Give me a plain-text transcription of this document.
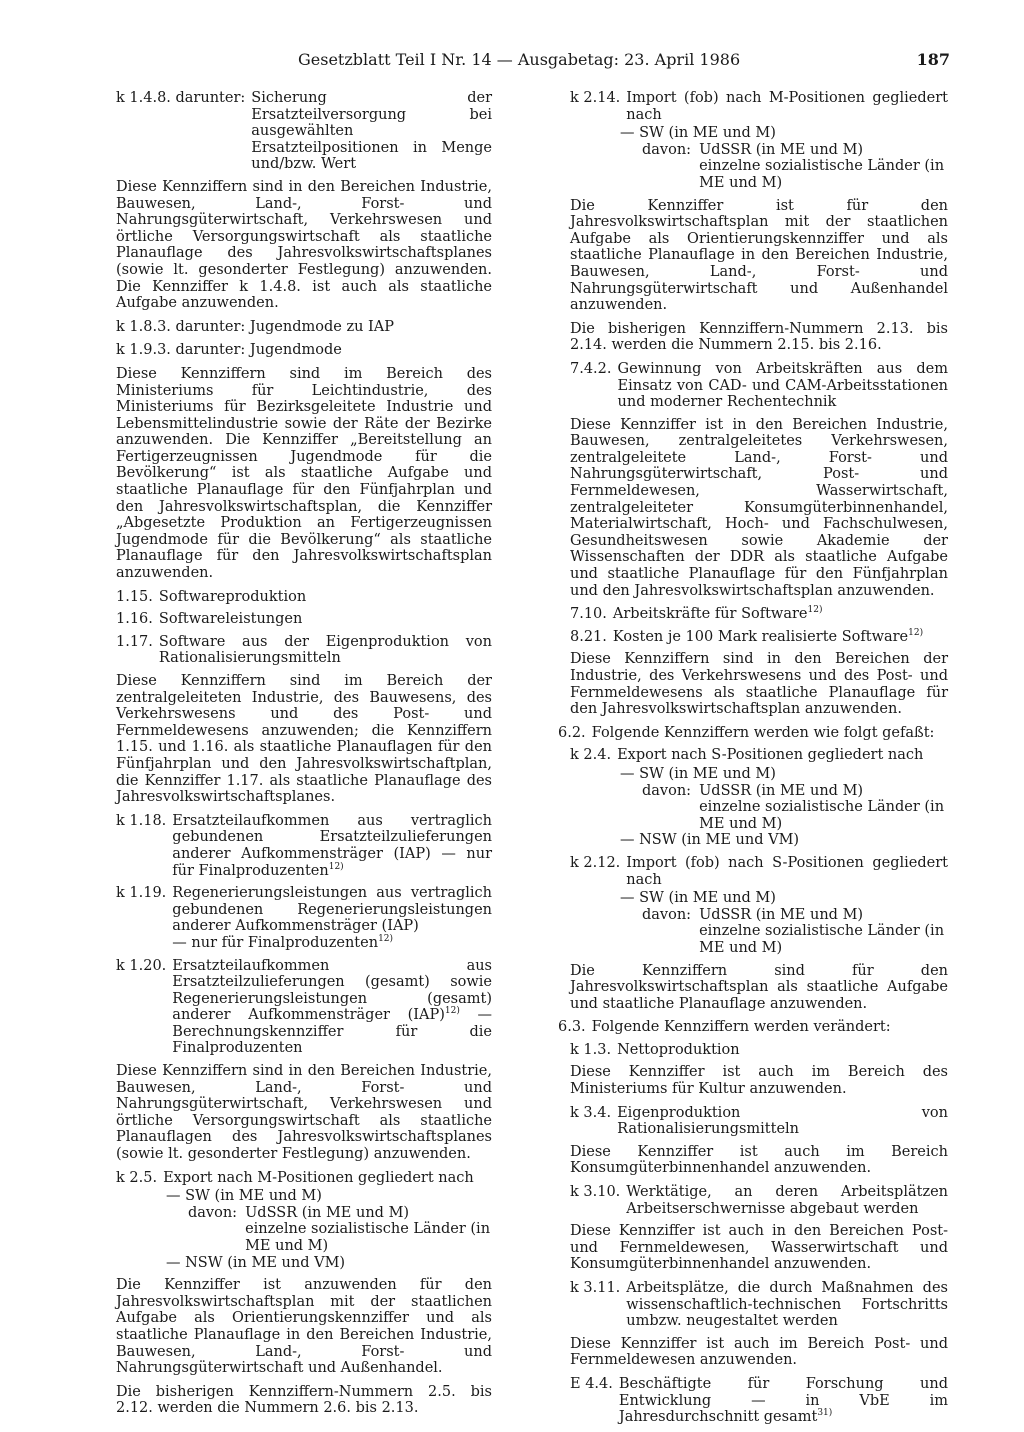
Gesetzblatt Teil I Nr. 14 — Ausgabetag: 23. April 1986	187
k 1.4.8. darunter: Sicherung der Ersatzteilversorgung bei ausgewählten Ersatzteilpositionen in Menge und/bzw. Wert

Diese Kennziffern sind in den Bereichen Industrie, Bauwesen, Land-, Forst- und Nahrungsgüterwirtschaft, Verkehrswesen und örtliche Versorgungswirtschaft als staatliche Planauflage des Jahresvolkswirtschaftsplanes (sowie lt. gesonderter Festlegung) anzuwenden. Die Kennziffer k 1.4.8. ist auch als staatliche Aufgabe anzuwenden.

k 1.8.3. darunter: Jugendmode zu IAP

k 1.9.3. darunter: Jugendmode

Diese Kennziffern sind im Bereich des Ministeriums für Leichtindustrie, des Ministeriums für Bezirksgeleitete Industrie und Lebensmittelindustrie sowie der Räte der Bezirke anzuwenden. Die Kennziffer „Bereitstellung an Fertigerzeugnissen Jugendmode für die Bevölkerung“ ist als staatliche Aufgabe und staatliche Planauflage für den Fünfjahrplan und den Jahresvolkswirtschaftsplan, die Kennziffer „Abgesetzte Produktion an Fertigerzeugnissen Jugendmode für die Bevölkerung“ als staatliche Planauflage für den Jahresvolkswirtschaftsplan anzuwenden.

1.15. Softwareproduktion
1.16. Softwareleistungen
1.17. Software aus der Eigenproduktion von Rationalisierungsmitteln

Diese Kennziffern sind im Bereich der zentralgeleiteten Industrie, des Bauwesens, des Verkehrswesens und des Post- und Fernmeldewesens anzuwenden; die Kennziffern 1.15. und 1.16. als staatliche Planauflagen für den Fünfjahrplan und den Jahresvolkswirtschaftplan, die Kennziffer 1.17. als staatliche Planauflage des Jahresvolkswirtschaftsplanes.

k 1.18. Ersatzteilaufkommen aus vertraglich gebundenen Ersatzteilzulieferungen anderer Aufkommensträger (IAP) — nur für Finalproduzenten$^{12)}$
k 1.19. Regenerierungsleistungen aus vertraglich gebundenen Regenerierungsleistungen anderer Aufkommensträger (IAP)
— nur für Finalproduzenten$^{12)}$
k 1.20. Ersatzteilaufkommen aus Ersatzteilzulieferungen (gesamt) sowie Regenerierungsleistungen (gesamt) anderer Aufkommensträger (IAP)$^{12)}$ — Berechnungskennziffer für die Finalproduzenten

Diese Kennziffern sind in den Bereichen Industrie, Bauwesen, Land-, Forst- und Nahrungsgüterwirtschaft, Verkehrswesen und örtliche Versorgungswirtschaft als staatliche Planauflagen des Jahresvolkswirtschaftsplanes (sowie lt. gesonderter Festlegung) anzuwenden.

k 2.5. Export nach M-Positionen gegliedert nach

— SW (in ME und M)

davon: UdSSR (in ME und M)
einzelne sozialistische Länder (in ME und M)

— NSW (in ME und VM)

Die Kennziffer ist anzuwenden für den Jahresvolkswirtschaftsplan mit der staatlichen Aufgabe als Orientierungskennziffer und als staatliche Planauflage in den Bereichen Industrie, Bauwesen, Land-, Forst- und Nahrungsgüterwirtschaft und Außenhandel.

Die bisherigen Kennziffern-Nummern 2.5. bis 2.12. werden die Nummern 2.6. bis 2.13.

k 2.14. Import (fob) nach M-Positionen gegliedert nach

— SW (in ME und M)

davon: UdSSR (in ME und M)
einzelne sozialistische Länder (in ME und M)

Die Kennziffer ist für den Jahresvolkswirtschaftsplan mit der staatlichen Aufgabe als Orientierungskennziffer und als staatliche Planauflage in den Bereichen Industrie, Bauwesen, Land-, Forst- und Nahrungsgüterwirtschaft und Außenhandel anzuwenden.

Die bisherigen Kennziffern-Nummern 2.13. bis 2.14. werden die Nummern 2.15. bis 2.16.

7.4.2. Gewinnung von Arbeitskräften aus dem Einsatz von CAD- und CAM-Arbeitsstationen und moderner Rechentechnik

Diese Kennziffer ist in den Bereichen Industrie, Bauwesen, zentralgeleitetes Verkehrswesen, zentralgeleitete Land-, Forst- und Nahrungsgüterwirtschaft, Post- und Fernmeldewesen, Wasserwirtschaft, zentralgeleiteter Konsumgüterbinnenhandel, Materialwirtschaft, Hoch- und Fachschulwesen, Gesundheitswesen sowie Akademie der Wissenschaften der DDR als staatliche Aufgabe und staatliche Planauflage für den Fünfjahrplan und den Jahresvolkswirtschaftsplan anzuwenden.

7.10. Arbeitskräfte für Software$^{12)}$
8.21. Kosten je 100 Mark realisierte Software$^{12)}$

Diese Kennziffern sind in den Bereichen der Industrie, des Verkehrswesens und des Post- und Fernmeldewesens als staatliche Planauflage für den Jahresvolkswirtschaftsplan anzuwenden.

6.2. Folgende Kennziffern werden wie folgt gefaßt:
k 2.4. Export nach S-Positionen gegliedert nach

— SW (in ME und M)

davon: UdSSR (in ME und M)
einzelne sozialistische Länder (in ME und M)

— NSW (in ME und VM)

k 2.12. Import (fob) nach S-Positionen gegliedert nach

— SW (in ME und M)

davon: UdSSR (in ME und M)
einzelne sozialistische Länder (in ME und M)

Die Kennziffern sind für den Jahresvolkswirtschaftsplan als staatliche Aufgabe und staatliche Planauflage anzuwenden.

6.3. Folgende Kennziffern werden verändert:
k 1.3. Nettoproduktion

Diese Kennziffer ist auch im Bereich des Ministeriums für Kultur anzuwenden.

k 3.4. Eigenproduktion von Rationalisierungsmitteln

Diese Kennziffer ist auch im Bereich Konsumgüterbinnenhandel anzuwenden.

k 3.10. Werktätige, an deren Arbeitsplätzen Arbeitserschwernisse abgebaut werden

Diese Kennziffer ist auch in den Bereichen Post- und Fernmeldewesen, Wasserwirtschaft und Konsumgüterbinnenhandel anzuwenden.

k 3.11. Arbeitsplätze, die durch Maßnahmen des wissenschaftlich-technischen Fortschritts umbzw. neugestaltet werden

Diese Kennziffer ist auch im Bereich Post- und Fernmeldewesen anzuwenden.

E 4.4. Beschäftigte für Forschung und Entwicklung — in VbE im Jahresdurchschnitt gesamt$^{31)}$
